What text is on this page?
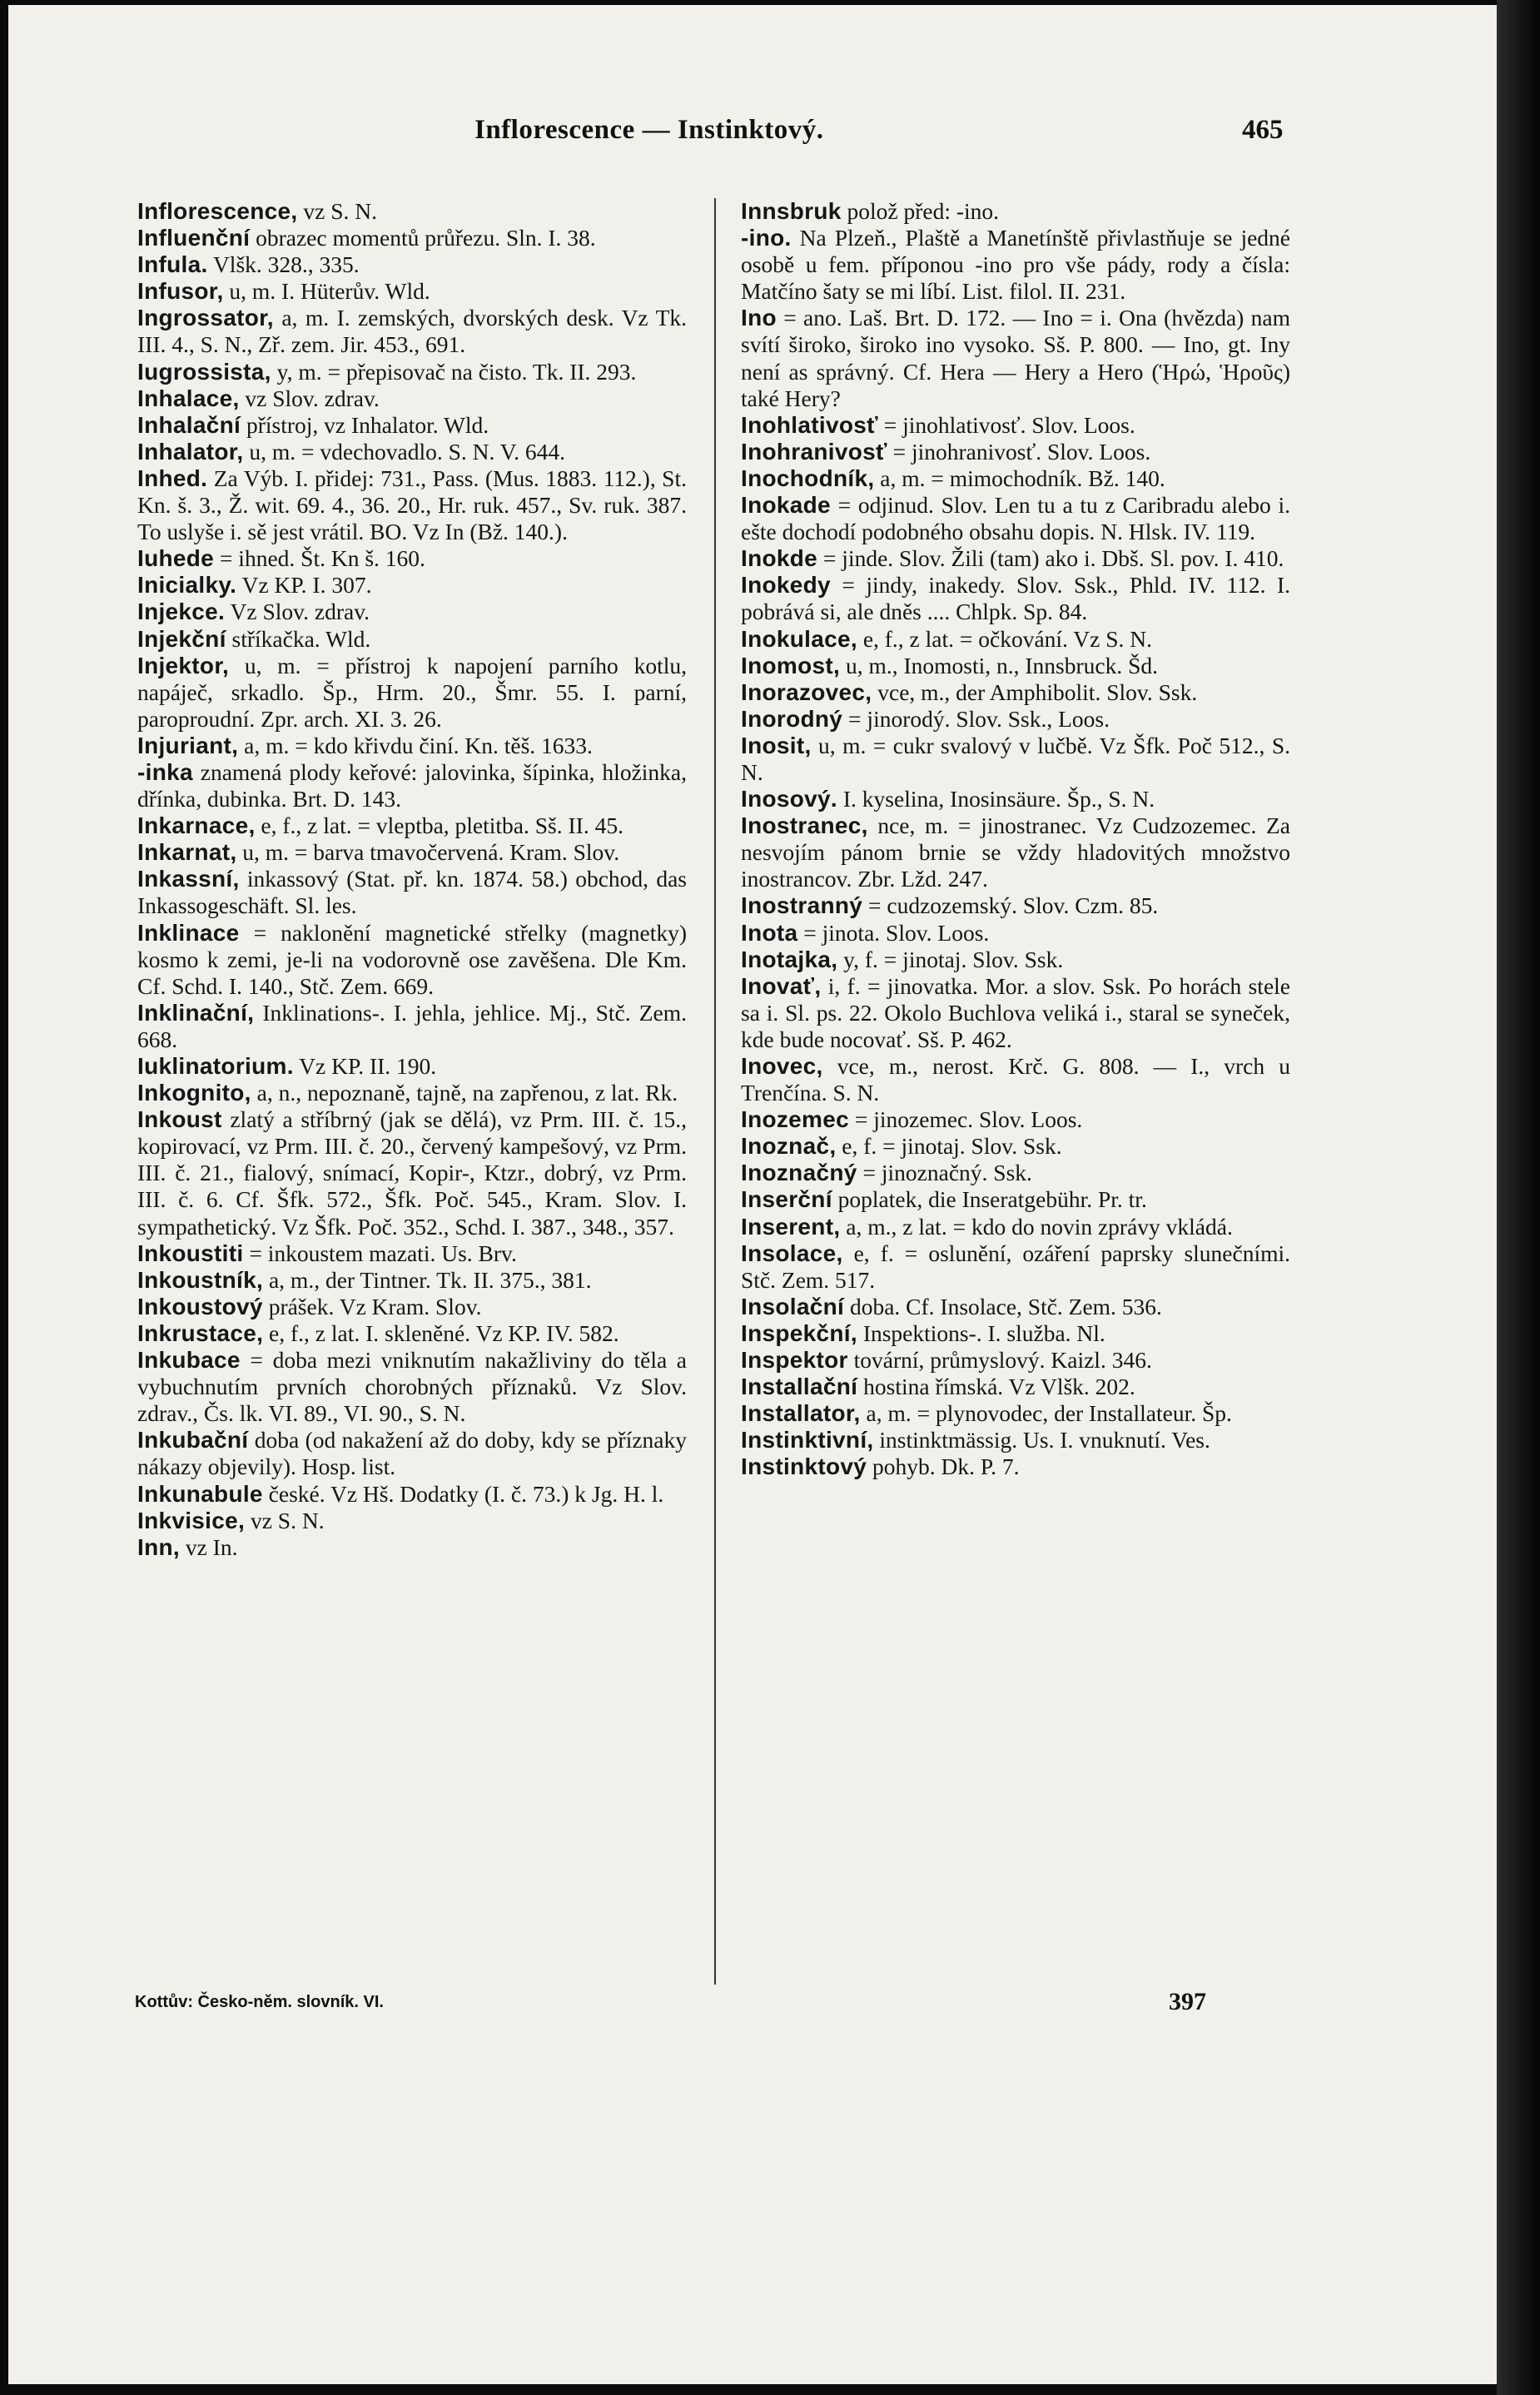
Inflorescence — Instinktový.	465

Inflorescence, vz S. N.

Influenční obrazec momentů průřezu. Sln. I. 38.

Infula. Vlšk. 328., 335.

Infusor, u, m. I. Hüterův. Wld.

Ingrossator, a, m. I. zemských, dvorských desk. Vz Tk. III. 4., S. N., Zř. zem. Jir. 453., 691.

Iugrossista, y, m. = přepisovač na čisto. Tk. II. 293.

Inhalace, vz Slov. zdrav.

Inhalační přístroj, vz Inhalator. Wld.

Inhalator, u, m. = vdechovadlo. S. N. V. 644.

Inhed. Za Výb. I. přidej: 731., Pass. (Mus. 1883. 112.), St. Kn. š. 3., Ž. wit. 69. 4., 36. 20., Hr. ruk. 457., Sv. ruk. 387. To uslyše i. sě jest vrátil. BO. Vz In (Bž. 140.).

Iuhede = ihned. Št. Kn š. 160.

Inicialky. Vz KP. I. 307.

Injekce. Vz Slov. zdrav.

Injekční stříkačka. Wld.

Injektor, u, m. = přístroj k napojení parního kotlu, napáječ, srkadlo. Šp., Hrm. 20., Šmr. 55. I. parní, paroproudní. Zpr. arch. XI. 3. 26.

Injuriant, a, m. = kdo křivdu činí. Kn. těš. 1633.

-inka znamená plody keřové: jalovinka, šípinka, hložinka, dřínka, dubinka. Brt. D. 143.

Inkarnace, e, f., z lat. = vleptba, pletitba. Sš. II. 45.

Inkarnat, u, m. = barva tmavočervená. Kram. Slov.

Inkassní, inkassový (Stat. př. kn. 1874. 58.) obchod, das Inkassogeschäft. Sl. les.

Inklinace = naklonění magnetické střelky (magnetky) kosmo k zemi, je-li na vodorovně ose zavěšena. Dle Km. Cf. Schd. I. 140., Stč. Zem. 669.

Inklinační, Inklinations-. I. jehla, jehlice. Mj., Stč. Zem. 668.

Iuklinatorium. Vz KP. II. 190.

Inkognito, a, n., nepoznaně, tajně, na zapřenou, z lat. Rk.

Inkoust zlatý a stříbrný (jak se dělá), vz Prm. III. č. 15., kopirovací, vz Prm. III. č. 20., červený kampešový, vz Prm. III. č. 21., fialový, snímací, Kopir-, Ktzr., dobrý, vz Prm. III. č. 6. Cf. Šfk. 572., Šfk. Poč. 545., Kram. Slov. I. sympathetický. Vz Šfk. Poč. 352., Schd. I. 387., 348., 357.

Inkoustiti = inkoustem mazati. Us. Brv.

Inkoustník, a, m., der Tintner. Tk. II. 375., 381.

Inkoustový prášek. Vz Kram. Slov.

Inkrustace, e, f., z lat. I. skleněné. Vz KP. IV. 582.

Inkubace = doba mezi vniknutím nakažliviny do těla a vybuchnutím prvních chorobných příznaků. Vz Slov. zdrav., Čs. lk. VI. 89., VI. 90., S. N.

Inkubační doba (od nakažení až do doby, kdy se příznaky nákazy objevily). Hosp. list.

Inkunabule české. Vz Hš. Dodatky (I. č. 73.) k Jg. H. l.

Inkvisice, vz S. N.

Inn, vz In.

Innsbruk polož před: -ino.

-ino. Na Plzeň., Plaště a Manetínště přivlastňuje se jedné osobě u fem. příponou -ino pro vše pády, rody a čísla: Matčíno šaty se mi líbí. List. filol. II. 231.

Ino = ano. Laš. Brt. D. 172. — Ino = i. Ona (hvězda) nam svítí široko, široko ino vysoko. Sš. P. 800. — Ino, gt. Iny není as správný. Cf. Hera — Hery a Hero (Ἡρώ, Ἡροῦς) také Hery?

Inohlativosť = jinohlativosť. Slov. Loos.

Inohranivosť = jinohranivosť. Slov. Loos.

Inochodník, a, m. = mimochodník. Bž. 140.

Inokade = odjinud. Slov. Len tu a tu z Caribradu alebo i. ešte dochodí podobného obsahu dopis. N. Hlsk. IV. 119.

Inokde = jinde. Slov. Žili (tam) ako i. Dbš. Sl. pov. I. 410.

Inokedy = jindy, inakedy. Slov. Ssk., Phld. IV. 112. I. pobrává si, ale dněs .... Chlpk. Sp. 84.

Inokulace, e, f., z lat. = očkování. Vz S. N.

Inomost, u, m., Inomosti, n., Innsbruck. Šd.

Inorazovec, vce, m., der Amphibolit. Slov. Ssk.

Inorodný = jinorodý. Slov. Ssk., Loos.

Inosit, u, m. = cukr svalový v lučbě. Vz Šfk. Poč 512., S. N.

Inosový. I. kyselina, Inosinsäure. Šp., S. N.

Inostranec, nce, m. = jinostranec. Vz Cudzozemec. Za nesvojím pánom brnie se vždy hladovitých množstvo inostrancov. Zbr. Lžd. 247.

Inostranný = cudzozemský. Slov. Czm. 85.

Inota = jinota. Slov. Loos.

Inotajka, y, f. = jinotaj. Slov. Ssk.

Inovať, i, f. = jinovatka. Mor. a slov. Ssk. Po horách stele sa i. Sl. ps. 22. Okolo Buchlova veliká i., staral se syneček, kde bude nocovať. Sš. P. 462.

Inovec, vce, m., nerost. Krč. G. 808. — I., vrch u Trenčína. S. N.

Inozemec = jinozemec. Slov. Loos.

Inoznač, e, f. = jinotaj. Slov. Ssk.

Inoznačný = jinoznačný. Ssk.

Inserční poplatek, die Inseratgebühr. Pr. tr.

Inserent, a, m., z lat. = kdo do novin zprávy vkládá.

Insolace, e, f. = oslunění, ozáření paprsky slunečními. Stč. Zem. 517.

Insolační doba. Cf. Insolace, Stč. Zem. 536.

Inspekční, Inspektions-. I. služba. Nl.

Inspektor tovární, průmyslový. Kaizl. 346.

Installační hostina římská. Vz Vlšk. 202.

Installator, a, m. = plynovodec, der Installateur. Šp.

Instinktivní, instinktmässig. Us. I. vnuknutí. Ves.

Instinktový pohyb. Dk. P. 7.

Kottův: Česko-něm. slovník. VI.	397
